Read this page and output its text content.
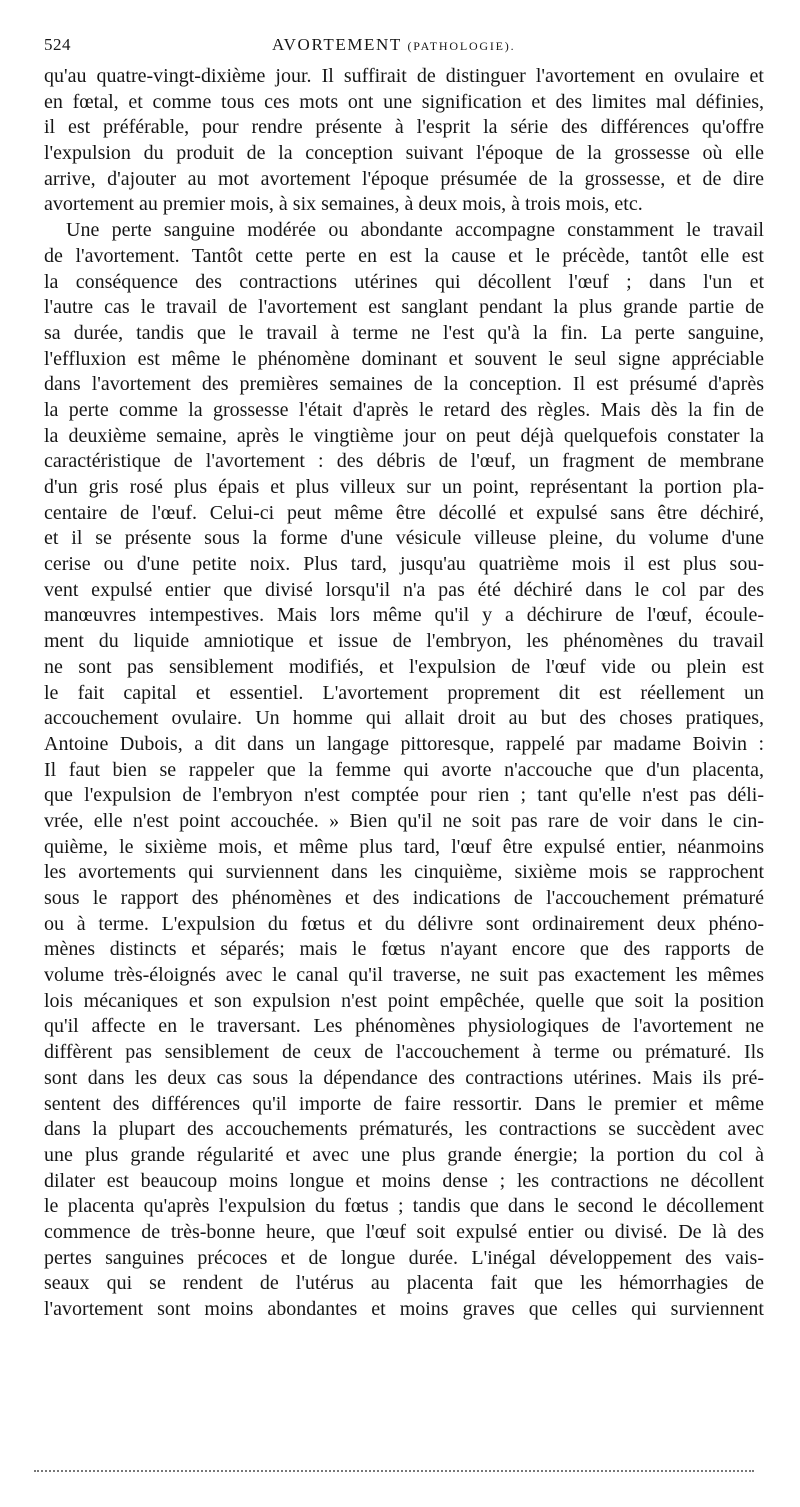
524	AVORTEMENT (PATHOLOGIE).
qu'au quatre-vingt-dixième jour. Il suffirait de distinguer l'avortement en ovulaire et
en fœtal, et comme tous ces mots ont une signification et des limites mal définies,
il est préférable, pour rendre présente à l'esprit la série des différences qu'offre
l'expulsion du produit de la conception suivant l'époque de la grossesse où elle
arrive, d'ajouter au mot avortement l'époque présumée de la grossesse, et de dire
avortement au premier mois, à six semaines, à deux mois, à trois mois, etc.
Une perte sanguine modérée ou abondante accompagne constamment le travail
de l'avortement. Tantôt cette perte en est la cause et le précède, tantôt elle est
la conséquence des contractions utérines qui décollent l'œuf ; dans l'un et
l'autre cas le travail de l'avortement est sanglant pendant la plus grande partie de
sa durée, tandis que le travail à terme ne l'est qu'à la fin. La perte sanguine,
l'effluxion est même le phénomène dominant et souvent le seul signe appréciable
dans l'avortement des premières semaines de la conception. Il est présumé d'après
la perte comme la grossesse l'était d'après le retard des règles. Mais dès la fin de
la deuxième semaine, après le vingtième jour on peut déjà quelquefois constater la
caractéristique de l'avortement : des débris de l'œuf, un fragment de membrane
d'un gris rosé plus épais et plus villeux sur un point, représentant la portion pla-
centaire de l'œuf. Celui-ci peut même être décollé et expulsé sans être déchiré,
et il se présente sous la forme d'une vésicule villeuse pleine, du volume d'une
cerise ou d'une petite noix. Plus tard, jusqu'au quatrième mois il est plus sou-
vent expulsé entier que divisé lorsqu'il n'a pas été déchiré dans le col par des
manœuvres intempestives. Mais lors même qu'il y a déchirure de l'œuf, écoule-
ment du liquide amniotique et issue de l'embryon, les phénomènes du travail
ne sont pas sensiblement modifiés, et l'expulsion de l'œuf vide ou plein est
le fait capital et essentiel. L'avortement proprement dit est réellement un
accouchement ovulaire. Un homme qui allait droit au but des choses pratiques,
Antoine Dubois, a dit dans un langage pittoresque, rappelé par madame Boivin :
Il faut bien se rappeler que la femme qui avorte n'accouche que d'un placenta,
que l'expulsion de l'embryon n'est comptée pour rien ; tant qu'elle n'est pas déli-
vrée, elle n'est point accouchée. » Bien qu'il ne soit pas rare de voir dans le cin-
quième, le sixième mois, et même plus tard, l'œuf être expulsé entier, néanmoins
les avortements qui surviennent dans les cinquième, sixième mois se rapprochent
sous le rapport des phénomènes et des indications de l'accouchement prématuré
ou à terme. L'expulsion du fœtus et du délivre sont ordinairement deux phéno-
mènes distincts et séparés; mais le fœtus n'ayant encore que des rapports de
volume très-éloignés avec le canal qu'il traverse, ne suit pas exactement les mêmes
lois mécaniques et son expulsion n'est point empêchée, quelle que soit la position
qu'il affecte en le traversant. Les phénomènes physiologiques de l'avortement ne
diffèrent pas sensiblement de ceux de l'accouchement à terme ou prématuré. Ils
sont dans les deux cas sous la dépendance des contractions utérines. Mais ils pré-
sentent des différences qu'il importe de faire ressortir. Dans le premier et même
dans la plupart des accouchements prématurés, les contractions se succèdent avec
une plus grande régularité et avec une plus grande énergie; la portion du col à
dilater est beaucoup moins longue et moins dense ; les contractions ne décollent
le placenta qu'après l'expulsion du fœtus ; tandis que dans le second le décollement
commence de très-bonne heure, que l'œuf soit expulsé entier ou divisé. De là des
pertes sanguines précoces et de longue durée. L'inégal développement des vais-
seaux qui se rendent de l'utérus au placenta fait que les hémorrhagies de
l'avortement sont moins abondantes et moins graves que celles qui surviennent
